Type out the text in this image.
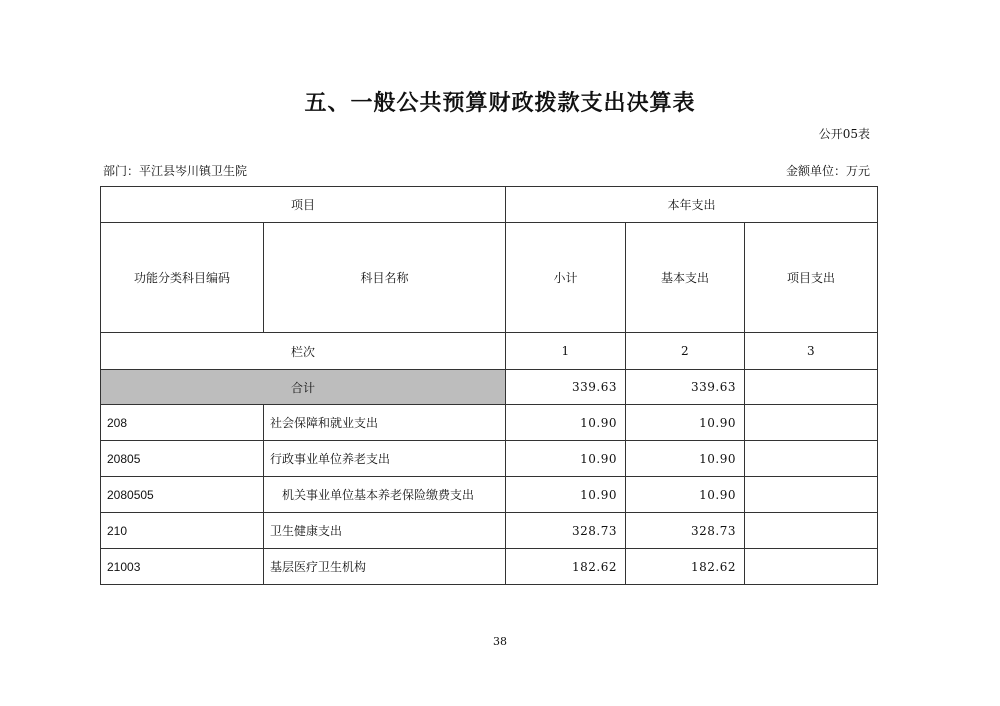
五、一般公共预算财政拨款支出决算表
公开05表
部门：平江县岑川镇卫生院	金额单位：万元
项目		本年支出		
功能分类科目编码	科目名称	小计	基本支出	项目支出
栏次		1	2	3
合计		339.63	339.63	
208	社会保障和就业支出	10.90	10.90	
20805	行政事业单位养老支出	10.90	10.90	
2080505	机关事业单位基本养老保险缴费支出	10.90	10.90	
210	卫生健康支出	328.73	328.73	
21003	基层医疗卫生机构	182.62	182.62	
38
